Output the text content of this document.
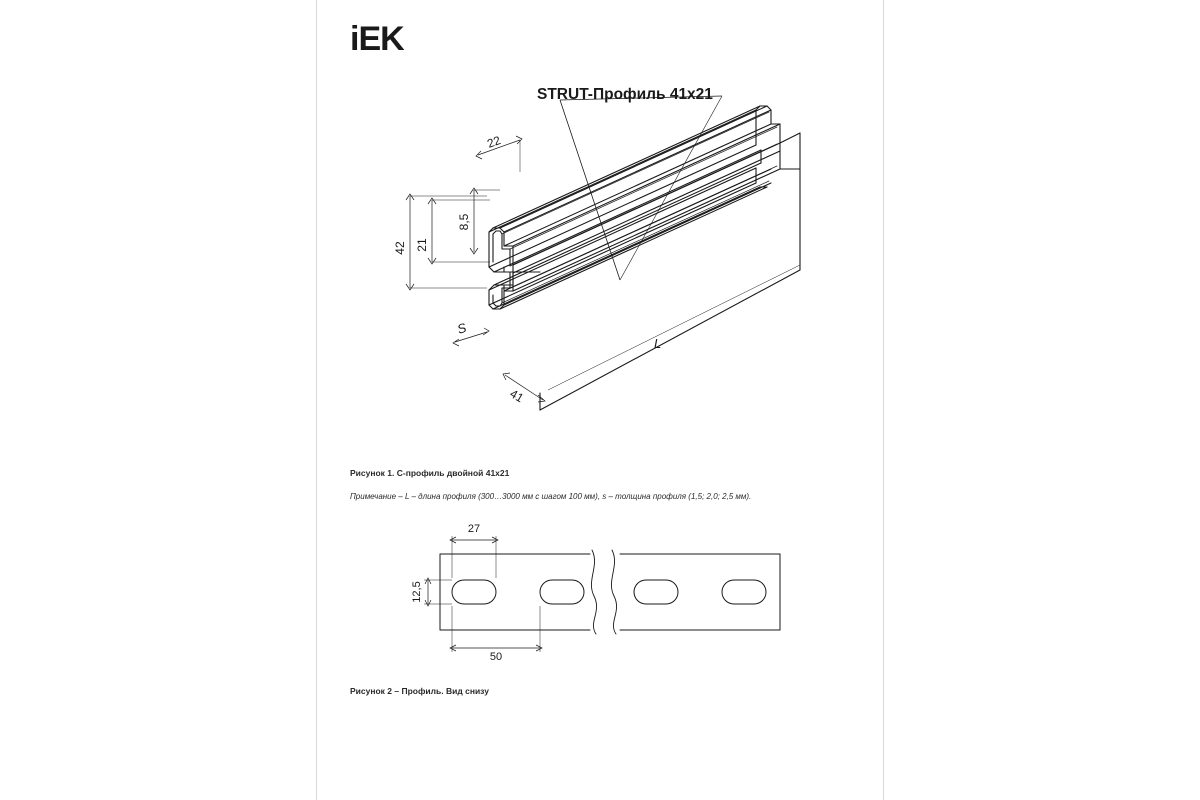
iEK
STRUT-Профиль 41x21
42 21
8,5
22
S
41
L
Рисунок 1. С-профиль двойной 41x21
Примечание – L – длина профиля (300…3000 мм с шагом 100 мм), s – толщина профиля (1,5; 2,0; 2,5 мм).
27
12,5
50
Рисунок 2 – Профиль. Вид снизу
